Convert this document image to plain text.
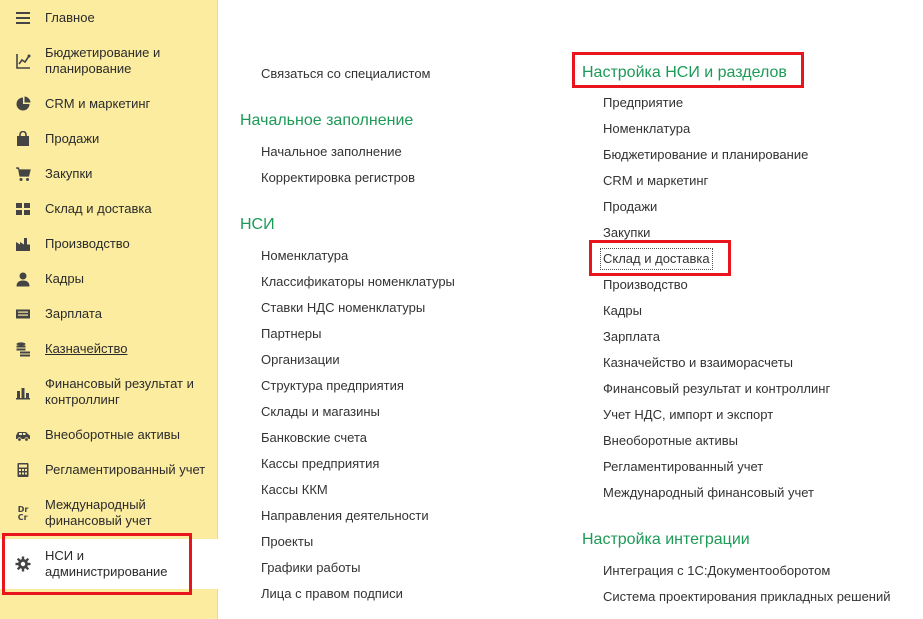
Главное
Бюджетирование и планирование
CRM и маркетинг
Продажи
Закупки
Склад и доставка
Производство
Кадры
Зарплата
Казначейство
Финансовый результат и контроллинг
Внеоборотные активы
Регламентированный учет
Dr
Cr
Международный финансовый учет
НСИ и администрирование
Связаться со специалистом
Начальное заполнение
Начальное заполнение
Корректировка регистров
НСИ
Номенклатура
Классификаторы номенклатуры
Ставки НДС номенклатуры
Партнеры
Организации
Структура предприятия
Склады и магазины
Банковские счета
Кассы предприятия
Кассы ККМ
Направления деятельности
Проекты
Графики работы
Лица с правом подписи
Настройка НСИ и разделов
Предприятие
Номенклатура
Бюджетирование и планирование
CRM и маркетинг
Продажи
Закупки
Склад и доставка
Производство
Кадры
Зарплата
Казначейство и взаиморасчеты
Финансовый результат и контроллинг
Учет НДС, импорт и экспорт
Внеоборотные активы
Регламентированный учет
Международный финансовый учет
Настройка интеграции
Интеграция с 1С:Документооборотом
Система проектирования прикладных решений
